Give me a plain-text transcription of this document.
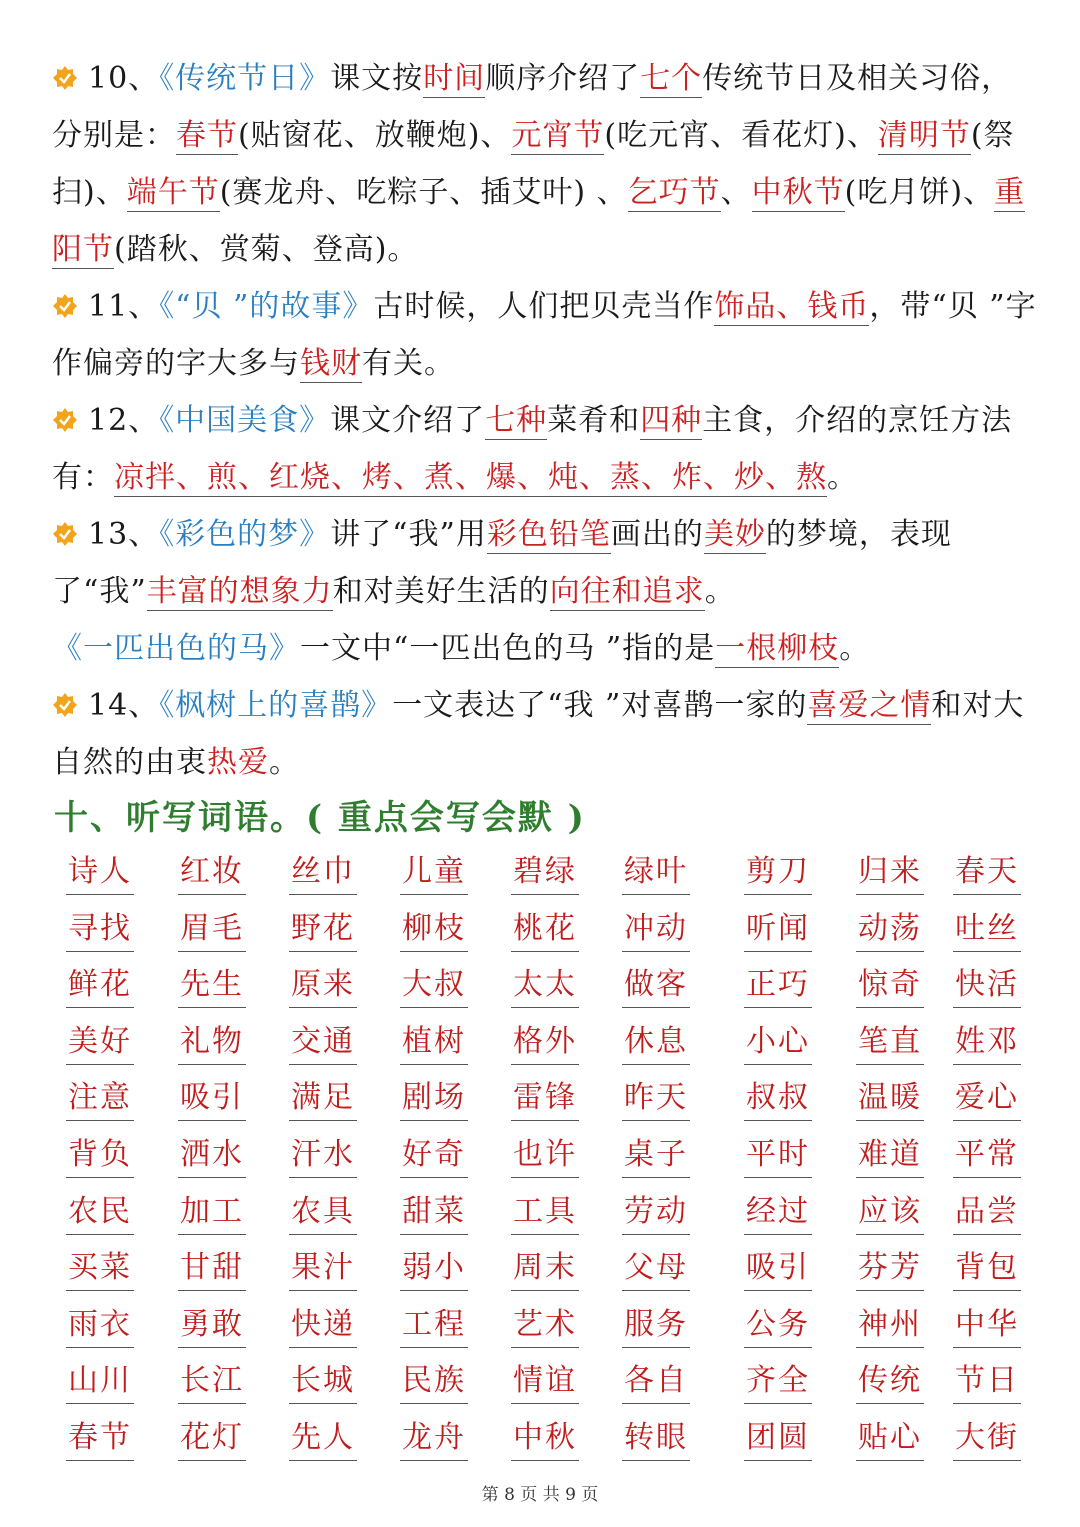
10、《传统节日》课文按时间顺序介绍了七个传统节日及相关习俗，分别是：春节(贴窗花、放鞭炮)、元宵节(吃元宵、看花灯)、清明节(祭扫)、端午节(赛龙舟、吃粽子、插艾叶) 、乞巧节、中秋节(吃月饼)、重阳节(踏秋、赏菊、登高)。

11、《“贝 ”的故事》古时候，人们把贝壳当作饰品、钱币，带“贝 ”字作偏旁的字大多与钱财有关。

12、《中国美食》课文介绍了七种菜肴和四种主食，介绍的烹饪方法有：凉拌、煎、红烧、烤、煮、爆、炖、蒸、炸、炒、熬。

13、《彩色的梦》讲了“我”用彩色铅笔画出的美妙的梦境，表现了“我”丰富的想象力和对美好生活的向往和追求。

《一匹出色的马》一文中“一匹出色的马 ”指的是一根柳枝。

14、《枫树上的喜鹊》一文表达了“我 ”对喜鹊一家的喜爱之情和对大自然的由衷热爱。

十、听写词语。( 重点会写会默 )
诗人 红妆 丝巾 儿童 碧绿 绿叶 剪刀 归来 春天
寻找 眉毛 野花 柳枝 桃花 冲动 听闻 动荡 吐丝
鲜花 先生 原来 大叔 太太 做客 正巧 惊奇 快活
美好 礼物 交通 植树 格外 休息 小心 笔直 姓邓
注意 吸引 满足 剧场 雷锋 昨天 叔叔 温暖 爱心
背负 洒水 汗水 好奇 也许 桌子 平时 难道 平常
农民 加工 农具 甜菜 工具 劳动 经过 应该 品尝
买菜 甘甜 果汁 弱小 周末 父母 吸引 芬芳 背包
雨衣 勇敢 快递 工程 艺术 服务 公务 神州 中华
山川 长江 长城 民族 情谊 各自 齐全 传统 节日
春节 花灯 先人 龙舟 中秋 转眼 团圆 贴心 大街
第 8 页 共 9 页
